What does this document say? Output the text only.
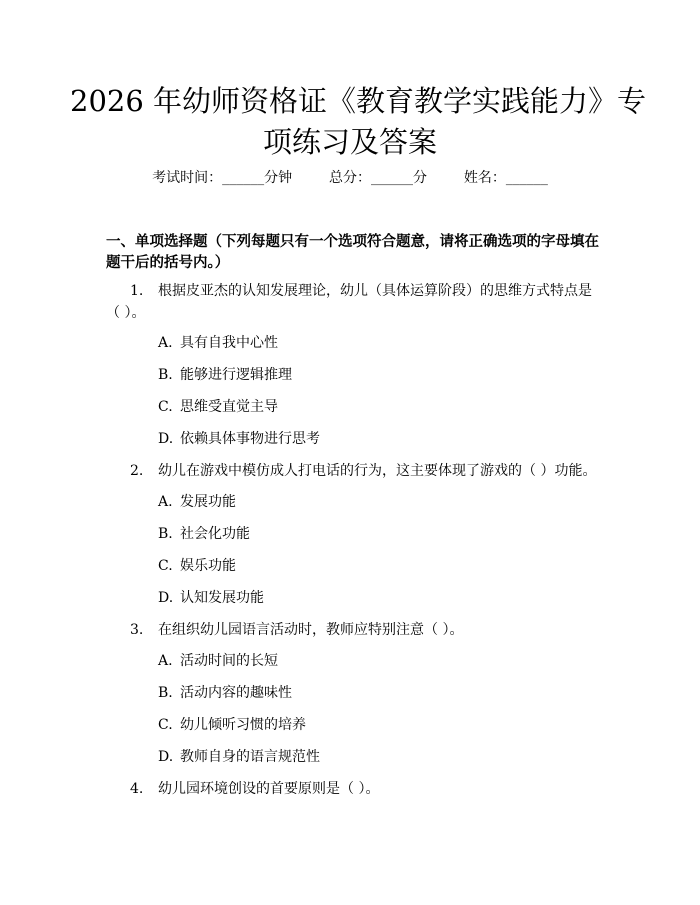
2026 年幼师资格证《教育教学实践能力》专
项练习及答案
考试时间：______分钟	总分：______分	姓名：______
一、单项选择题（下列每题只有一个选项符合题意，请将正确选项的字母填在题干后的括号内。）
1. 根据皮亚杰的认知发展理论，幼儿（具体运算阶段）的思维方式特点是
（ ）。
A. 具有自我中心性
B. 能够进行逻辑推理
C. 思维受直觉主导
D. 依赖具体事物进行思考
2. 幼儿在游戏中模仿成人打电话的行为，这主要体现了游戏的（ ）功能。
A. 发展功能
B. 社会化功能
C. 娱乐功能
D. 认知发展功能
3. 在组织幼儿园语言活动时，教师应特别注意（ ）。
A. 活动时间的长短
B. 活动内容的趣味性
C. 幼儿倾听习惯的培养
D. 教师自身的语言规范性
4. 幼儿园环境创设的首要原则是（ ）。
